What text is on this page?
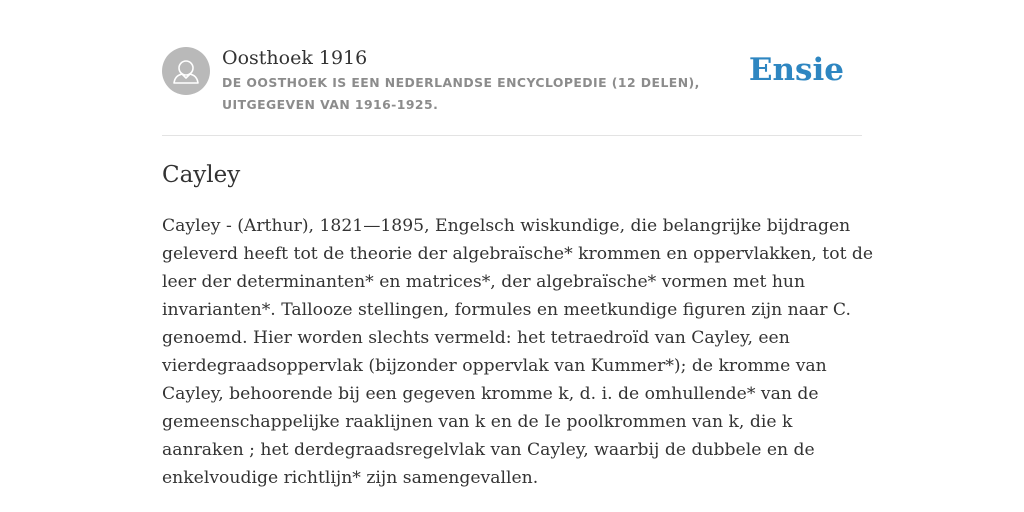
Oosthoek 1916
DE OOSTHOEK IS EEN NEDERLANDSE ENCYCLOPEDIE (12 DELEN), UITGEGEVEN VAN 1916-1925.
Ensie
Cayley
Cayley - (Arthur), 1821—1895, Engelsch wiskundige, die belangrijke bijdragen
geleverd heeft tot de theorie der algebraïsche* krommen en oppervlakken, tot de
leer der determinanten* en matrices*, der algebraïsche* vormen met hun
invarianten*. Tallooze stellingen, formules en meetkundige figuren zijn naar C.
genoemd. Hier worden slechts vermeld: het tetraedroïd van Cayley, een
vierdegraadsoppervlak (bijzonder oppervlak van Kummer*); de kromme van
Cayley, behoorende bij een gegeven kromme k, d. i. de omhullende* van de
gemeenschappelijke raaklijnen van k en de Ie poolkrommen van k, die k
aanraken ; het derdegraadsregelvlak van Cayley, waarbij de dubbele en de
enkelvoudige richtlijn* zijn samengevallen.
